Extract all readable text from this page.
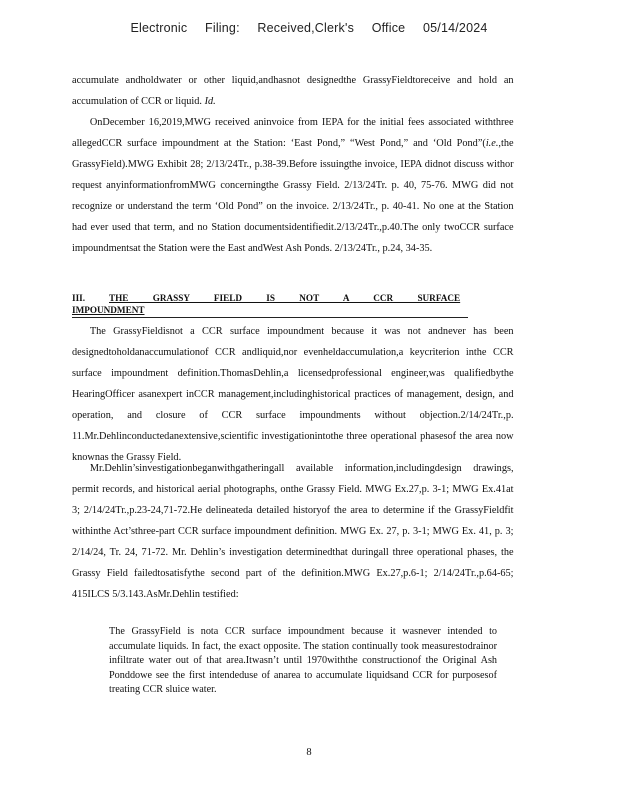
Electronic Filing: Received,Clerk's Office 05/14/2024

accumulate andholdwater or other liquid,andhasnot designedthe GrassyFieldtoreceive and hold an accumulation of CCR or liquid. Id.

OnDecember 16,2019,MWG received aninvoice from IEPA for the initial fees associated withthree allegedCCR surface impoundment at the Station: ‘East Pond,” “West Pond,” and ‘Old Pond”(i.e.,the GrassyField).MWG Exhibit 28; 2/13/24Tr., p.38-39.Before issuingthe invoice, IEPA didnot discuss withor request anyinformationfromMWG concerningthe Grassy Field. 2/13/24Tr. p. 40, 75-76. MWG did not recognize or understand the term ‘Old Pond” on the invoice. 2/13/24Tr., p. 40-41. No one at the Station had ever used that term, and no Station documentsidentifiedit.2/13/24Tr.,p.40.The only twoCCR surface impoundmentsat the Station were the East andWest Ash Ponds. 2/13/24Tr., p.24, 34-35.

III.	THE GRASSY FIELD IS NOT A CCR SURFACE IMPOUNDMENT

The GrassyFieldisnot a CCR surface impoundment because it was not andnever has been designedtoholdanaccumulationof CCR andliquid,nor evenheldaccumulation,a keycriterion inthe CCR surface impoundment definition.ThomasDehlin,a licensedprofessional engineer,was qualifiedbythe HearingOfficer asanexpert inCCR management,includinghistorical practices of management, design, and operation, and closure of CCR surface impoundments without objection.2/14/24Tr.,p. 11.Mr.Dehlinconductedanextensive,scientific investigationintothe three operational phasesof the area now knownas the Grassy Field.

Mr.Dehlin’sinvestigationbeganwithgatheringall available information,includingdesign drawings, permit records, and historical aerial photographs, onthe Grassy Field. MWG Ex.27,p. 3-1; MWG Ex.41at 3; 2/14/24Tr.,p.23-24,71-72.He delineateda detailed historyof the area to determine if the GrassyFieldfit withinthe Act’sthree-part CCR surface impoundment definition. MWG Ex. 27, p. 3-1; MWG Ex. 41, p. 3; 2/14/24, Tr. 24, 71-72. Mr. Dehlin’s investigation determinedthat duringall three operational phases, the Grassy Field failedtosatisfythe second part of the definition.MWG Ex.27,p.6-1; 2/14/24Tr.,p.64-65; 415ILCS 5/3.143.AsMr.Dehlin testified:

The GrassyField is nota CCR surface impoundment because it wasnever intended to accumulate liquids. In fact, the exact opposite. The station continually took measurestodrainor infiltrate water out of that area.Itwasn’t until 1970withthe constructionof the Original Ash Ponddowe see the first intendeduse of anarea to accumulate liquidsand CCR for purposesof treating CCR sluice water.

8
